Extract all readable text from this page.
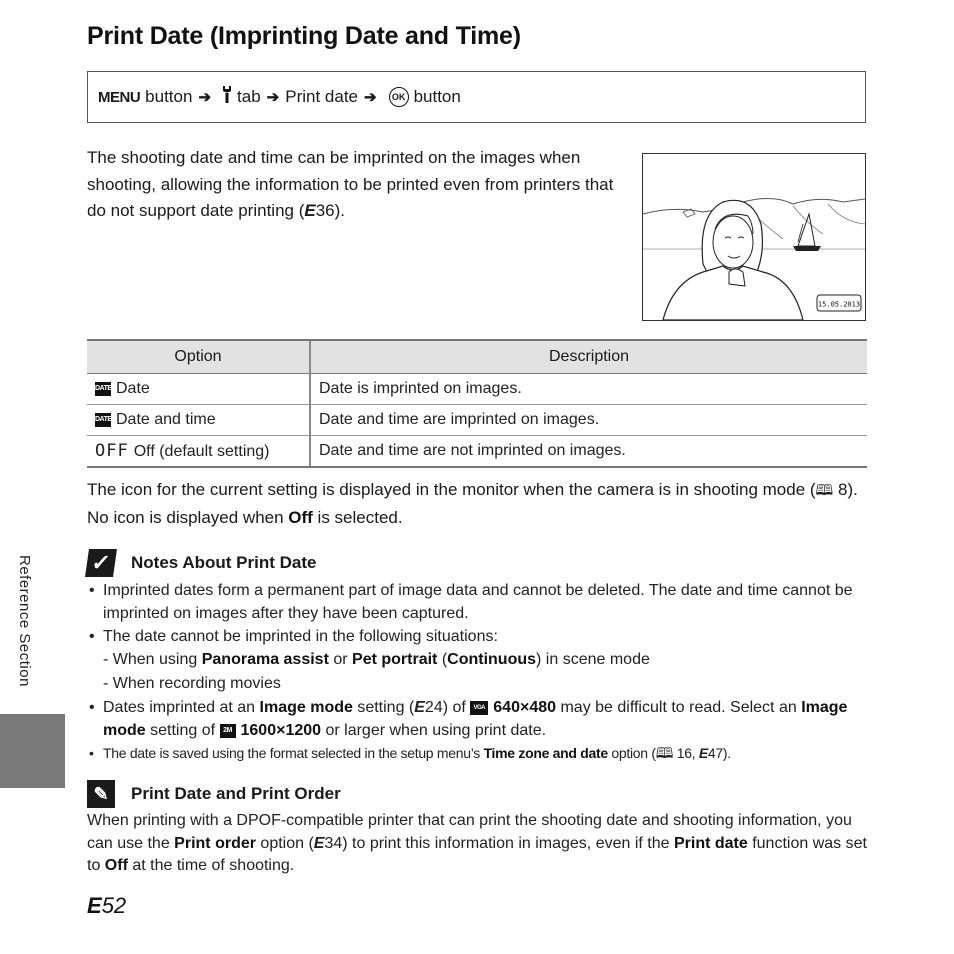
Print Date (Imprinting Date and Time)
MENU button ➔ tab ➔ Print date ➔	OK button
The shooting date and time can be imprinted on the images when shooting, allowing the information to be printed even from printers that do not support date printing (E36).
15.05.2013
Option	Description
DATE Date	Date is imprinted on images.
DATE Date and time	Date and time are imprinted on images.
OFF Off (default setting)	Date and time are not imprinted on images.
The icon for the current setting is displayed in the monitor when the camera is in shooting mode (🕮 8). No icon is displayed when Off is selected.
✓ Notes About Print Date
• Imprinted dates form a permanent part of image data and cannot be deleted. The date and time cannot be imprinted on images after they have been captured.
• The date cannot be imprinted in the following situations:
- When using Panorama assist or Pet portrait (Continuous) in scene mode
- When recording movies
• Dates imprinted at an Image mode setting (E24) of VGA 640×480 may be difficult to read. Select an Image mode setting of 2M 1600×1200 or larger when using print date.
• The date is saved using the format selected in the setup menu’s Time zone and date option (🕮 16, E47).
✎	Print Date and Print Order
When printing with a DPOF-compatible printer that can print the shooting date and shooting information, you can use the Print order option (E34) to print this information in images, even if the Print date function was set to Off at the time of shooting.
E52
Reference Section
